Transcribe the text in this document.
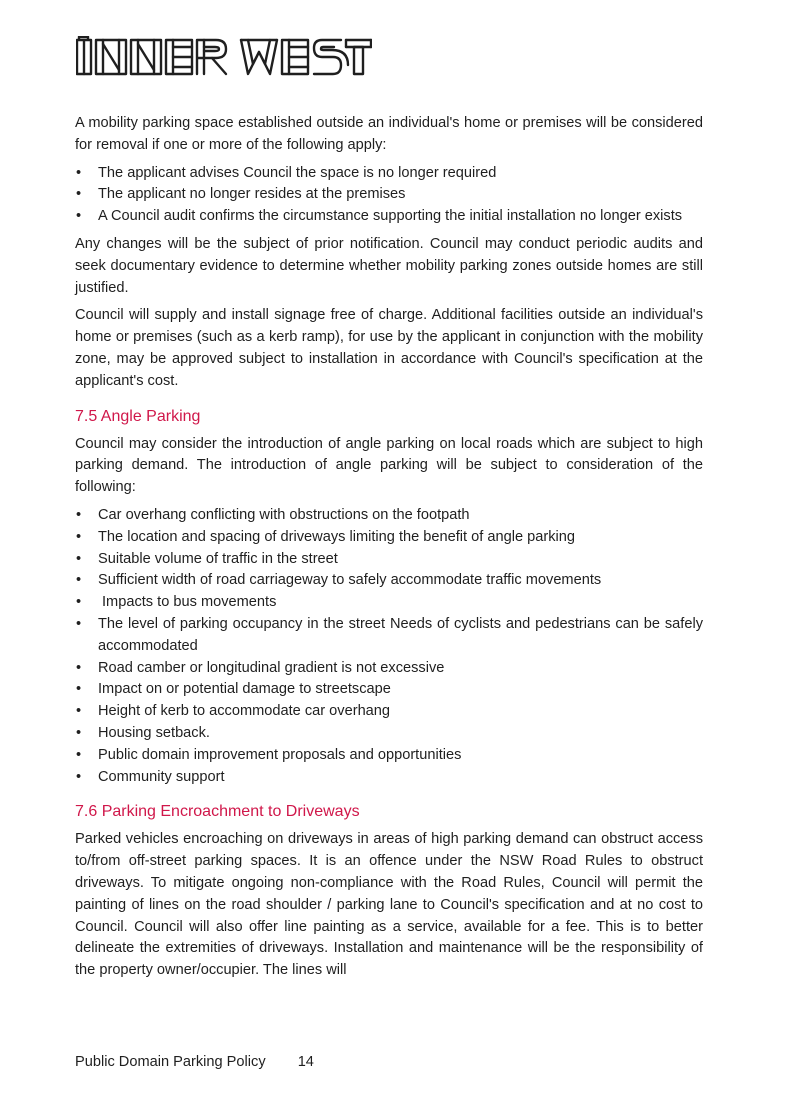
A mobility parking space established outside an individual's home or premises will be considered for removal if one or more of the following apply:

• The applicant advises Council the space is no longer required
• The applicant no longer resides at the premises
• A Council audit confirms the circumstance supporting the initial installation no longer exists

Any changes will be the subject of prior notification. Council may conduct periodic audits and seek documentary evidence to determine whether mobility parking zones outside homes are still justified.

Council will supply and install signage free of charge. Additional facilities outside an individual's home or premises (such as a kerb ramp), for use by the applicant in conjunction with the mobility zone, may be approved subject to installation in accordance with Council's specification at the applicant's cost.

7.5 Angle Parking

Council may consider the introduction of angle parking on local roads which are subject to high parking demand. The introduction of angle parking will be subject to consideration of the following:

• Car overhang conflicting with obstructions on the footpath
• The location and spacing of driveways limiting the benefit of angle parking
• Suitable volume of traffic in the street
• Sufficient width of road carriageway to safely accommodate traffic movements
• Impacts to bus movements
• The level of parking occupancy in the street Needs of cyclists and pedestrians can be safely accommodated
• Road camber or longitudinal gradient is not excessive
• Impact on or potential damage to streetscape
• Height of kerb to accommodate car overhang
• Housing setback.
• Public domain improvement proposals and opportunities
• Community support
7.6 Parking Encroachment to Driveways

Parked vehicles encroaching on driveways in areas of high parking demand can obstruct access to/from off-street parking spaces. It is an offence under the NSW Road Rules to obstruct driveways. To mitigate ongoing non-compliance with the Road Rules, Council will permit the painting of lines on the road shoulder / parking lane to Council's specification and at no cost to Council. Council will also offer line painting as a service, available for a fee. This is to better delineate the extremities of driveways. Installation and maintenance will be the responsibility of the property owner/occupier. The lines will

Public Domain Parking Policy 14
